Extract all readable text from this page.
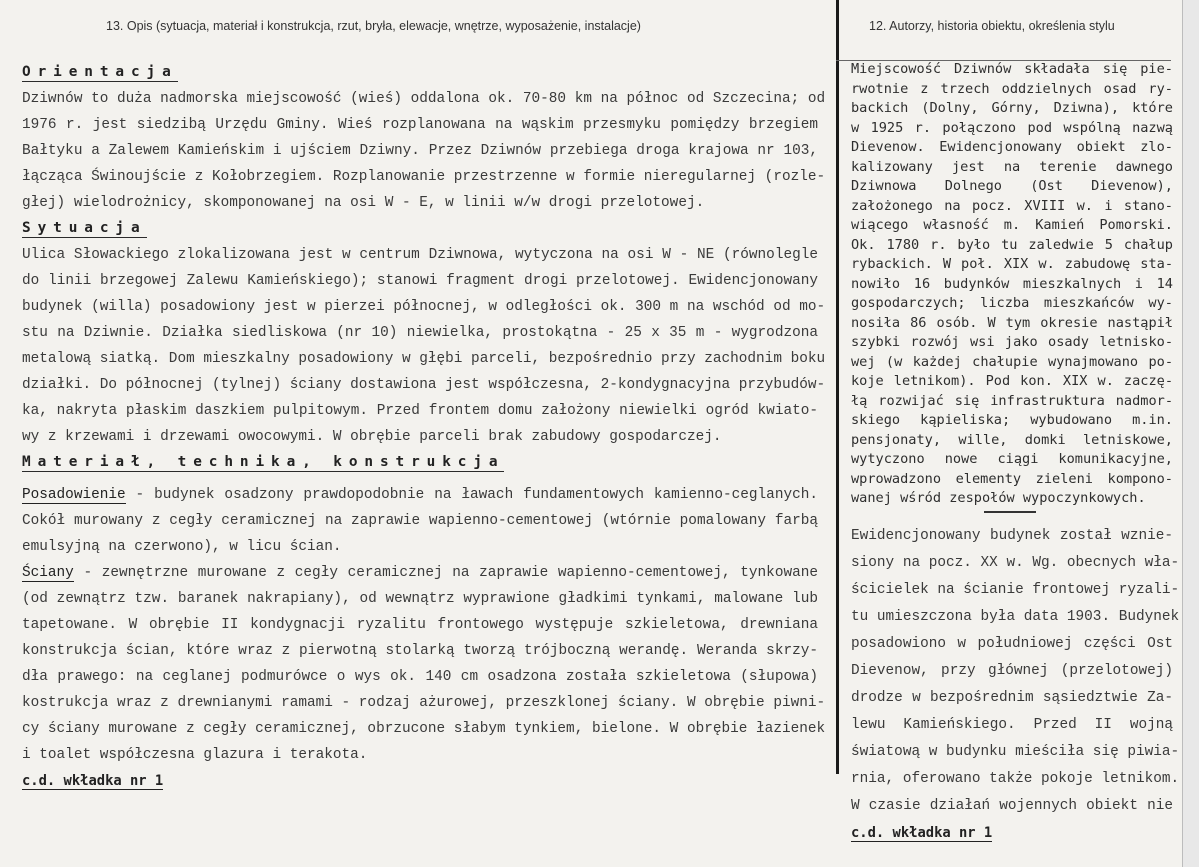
13. Opis (sytuacja, materiał i konstrukcja, rzut, bryła, elewacje, wnętrze, wyposażenie, instalacje)	12. Autorzy, historia obiektu, określenia stylu
Orientacja
Dziwnów to duża nadmorska miejscowość (wieś) oddalona ok. 70-80 km na północ od Szczecina; od
1976 r. jest siedzibą Urzędu Gminy. Wieś rozplanowana na wąskim przesmyku pomiędzy brzegiem
Bałtyku a Zalewem Kamieńskim i ujściem Dziwny. Przez Dziwnów przebiega droga krajowa nr 103,
łącząca Świnoujście z Kołobrzegiem. Rozplanowanie przestrzenne w formie nieregularnej (rozle-
głej) wielodrożnicy, skomponowanej na osi W - E, w linii w/w drogi przelotowej.
Sytuacja
Ulica Słowackiego zlokalizowana jest w centrum Dziwnowa, wytyczona na osi W - NE (równolegle
do linii brzegowej Zalewu Kamieńskiego); stanowi fragment drogi przelotowej. Ewidencjonowany
budynek (willa) posadowiony jest w pierzei północnej, w odległości ok. 300 m na wschód od mo-
stu na Dziwnie. Działka siedliskowa (nr 10) niewielka, prostokątna - 25 x 35 m - wygrodzona
metalową siatką. Dom mieszkalny posadowiony w głębi parceli, bezpośrednio przy zachodnim boku
działki. Do północnej (tylnej) ściany dostawiona jest współczesna, 2-kondygnacyjna przybudów-
ka, nakryta płaskim daszkiem pulpitowym. Przed frontem domu założony niewielki ogród kwiato-
wy z krzewami i drzewami owocowymi. W obrębie parceli brak zabudowy gospodarczej.
Materiał, technika, konstrukcja
Posadowienie - budynek osadzony prawdopodobnie na ławach fundamentowych kamienno-ceglanych.
Cokół murowany z cegły ceramicznej na zaprawie wapienno-cementowej (wtórnie pomalowany farbą
emulsyjną na czerwono), w licu ścian.
Ściany - zewnętrzne murowane z cegły ceramicznej na zaprawie wapienno-cementowej, tynkowane
(od zewnątrz tzw. baranek nakrapiany), od wewnątrz wyprawione gładkimi tynkami, malowane lub
tapetowane. W obrębie II kondygnacji ryzalitu frontowego występuje szkieletowa, drewniana
konstrukcja ścian, które wraz z pierwotną stolarką tworzą trójboczną werandę. Weranda skrzy-
dła prawego: na ceglanej podmurówce o wys ok. 140 cm osadzona została szkieletowa (słupowa)
kostrukcja wraz z drewnianymi ramami - rodzaj ażurowej, przeszklonej ściany. W obrębie piwni-
cy ściany murowane z cegły ceramicznej, obrzucone słabym tynkiem, bielone. W obrębie łazienek
i toalet współczesna glazura i terakota.
c.d. wkładka nr 1
Miejscowość Dziwnów składała się pie-
rwotnie z trzech oddzielnych osad ry-
backich (Dolny, Górny, Dziwna), które
w 1925 r. połączono pod wspólną nazwą
Dievenow. Ewidencjonowany obiekt zlo-
kalizowany jest na terenie dawnego
Dziwnowa Dolnego (Ost Dievenow),
założonego na pocz. XVIII w. i stano-
wiącego własność m. Kamień Pomorski.
Ok. 1780 r. było tu zaledwie 5 chałup
rybackich. W poł. XIX w. zabudowę sta-
nowiło 16 budynków mieszkalnych i 14
gospodarczych; liczba mieszkańców wy-
nosiła 86 osób. W tym okresie nastąpił
szybki rozwój wsi jako osady letnisko-
wej (w każdej chałupie wynajmowano po-
koje letnikom). Pod kon. XIX w. zaczę-
łą rozwijać się infrastruktura nadmor-
skiego kąpieliska; wybudowano m.in.
pensjonaty, wille, domki letniskowe,
wytyczono nowe ciągi komunikacyjne,
wprowadzono elementy zieleni kompono-
wanej wśród zespołów wypoczynkowych.
Ewidencjonowany budynek został wznie-
siony na pocz. XX w. Wg. obecnych wła-
ścicielek na ścianie frontowej ryzali-
tu umieszczona była data 1903. Budynek
posadowiono w południowej części Ost
Dievenow, przy głównej (przelotowej)
drodze w bezpośrednim sąsiedztwie Za-
lewu Kamieńskiego. Przed II wojną
światową w budynku mieściła się piwia-
rnia, oferowano także pokoje letnikom.
W czasie działań wojennych obiekt nie
c.d. wkładka nr 1
